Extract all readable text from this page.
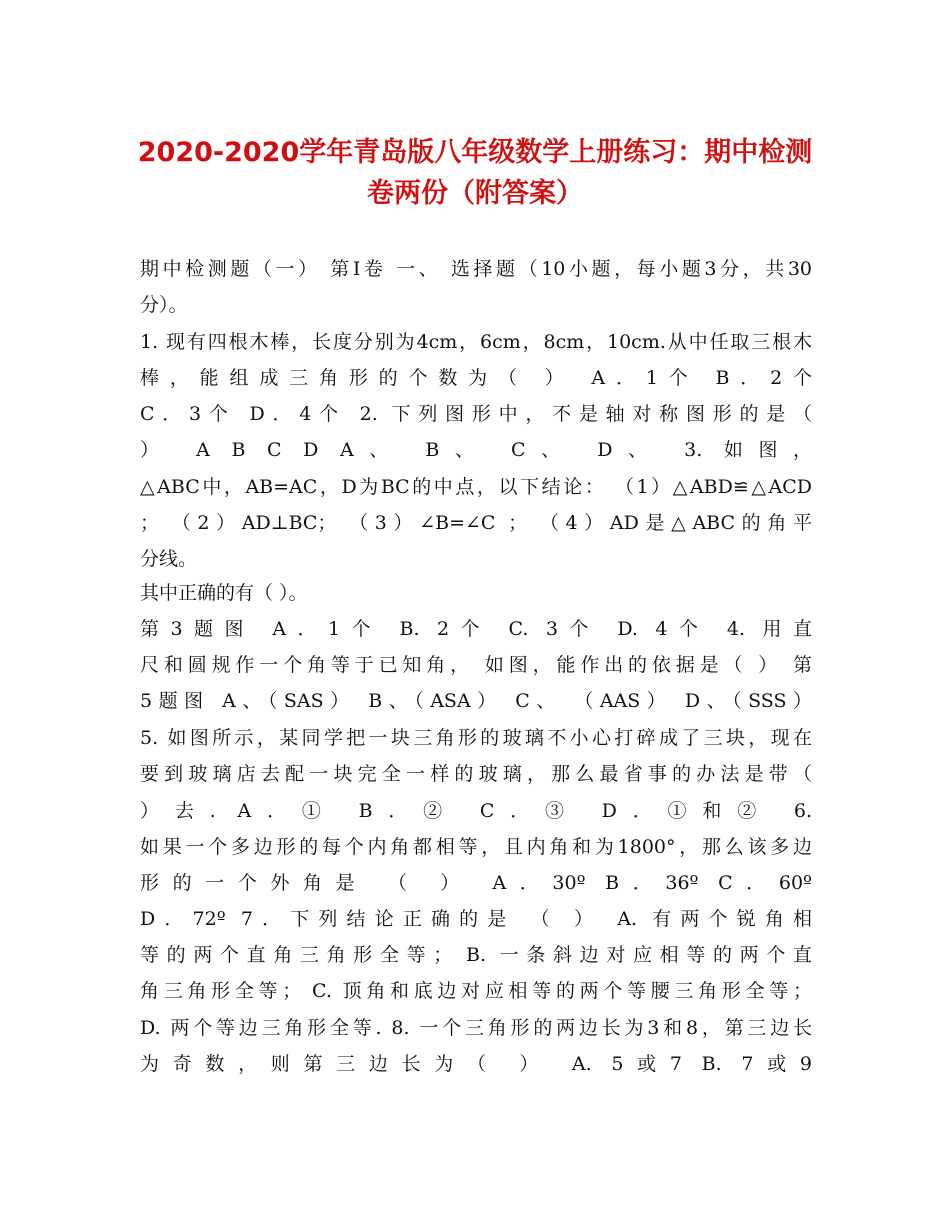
2020-2020学年青岛版八年级数学上册练习：期中检测
卷两份（附答案）
期中检测题（一） 第Ⅰ卷 一、 选择题（10小题，每小题3分，共30
分）。
1. 现有四根木棒，长度分别为4cm，6cm，8cm，10cm.从中任取三根木
棒，能组成三角形的个数为（ ） A．1个 B．2个
C．3个 D．4个 2. 下列图形中，不是轴对称图形的是（
） A B C D A、 B、 C、 D、 3. 如图，
△ABC中，AB=AC，D为BC的中点，以下结论： （1）△ABD≌△ACD
； （2）AD⊥BC； （3）∠B=∠C ； （4）AD是△ABC的角平
分线。
其中正确的有（ ）。
第3题图 A．1个 B. 2个 C. 3个 D. 4个 4. 用直
尺和圆规作一个角等于已知角， 如图，能作出的依据是（ ） 第
5题图 A、（SAS） B、（ASA） C、 （AAS） D、（SSS）
5. 如图所示，某同学把一块三角形的玻璃不小心打碎成了三块，现在
要到玻璃店去配一块完全一样的玻璃，那么最省事的办法是带（
）去. A．① B．② C．③ D．①和② 6.
如果一个多边形的每个内角都相等，且内角和为1800°，那么该多边
形的一个外角是 （ ） A．30º B．36º C．60º
D．72º 7．下列结论正确的是 （ ） A. 有两个锐角相
等的两个直角三角形全等； B. 一条斜边对应相等的两个直
角三角形全等； C. 顶角和底边对应相等的两个等腰三角形全等；
D. 两个等边三角形全等. 8. 一个三角形的两边长为3和8，第三边长
为奇数，则第三边长为（ ） A. 5或7 B. 7或9
